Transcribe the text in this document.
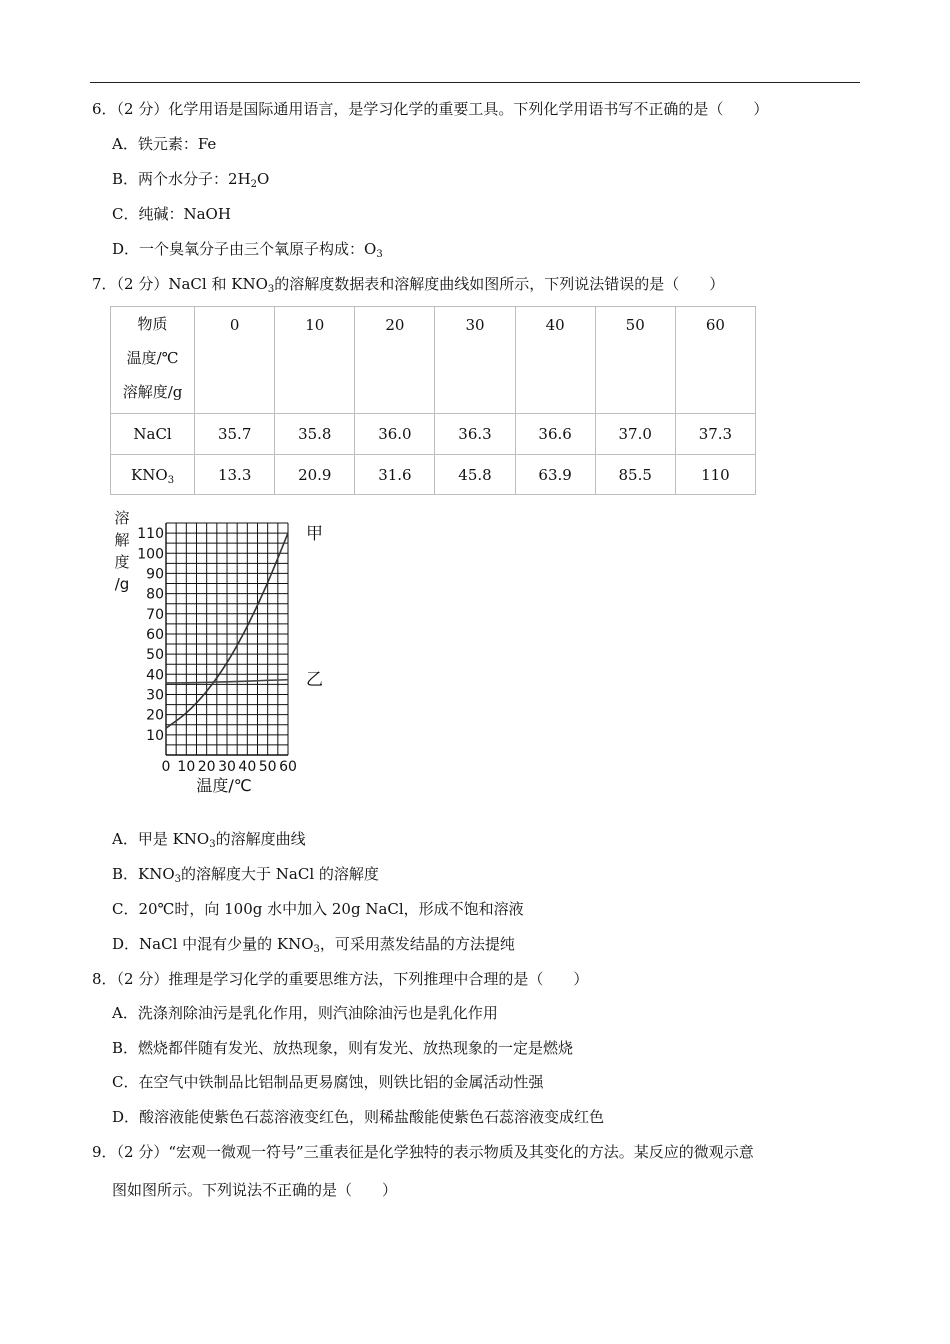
6．（2 分）化学用语是国际通用语言，是学习化学的重要工具。下列化学用语书写不正确的是（　　）
A．铁元素：Fe
B．两个水分子：$2H_2O$
C．纯碱：NaOH
D．一个臭氧分子由三个氧原子构成：$O_3$
7．（2 分）NaCl 和 $KNO_3$的溶解度数据表和溶解度曲线如图所示，下列说法错误的是（　　）
物质
温度/℃
溶解度/g	0	10	20	30	40	50	60

NaCl	35.7	35.8	36.0	36.3	36.6	37.0	37.3
$KNO_3$	13.3	20.9	31.6	45.8	63.9	85.5	110
10
20
30
40
50
60
70
80
90
100
110
0 10 20 30 40 50 60
溶
解
度
/g
温度/℃
甲
乙
A．甲是 $KNO_3$的溶解度曲线
B．$KNO_3$的溶解度大于 NaCl 的溶解度
C．20℃时，向 100g 水中加入 20g NaCl，形成不饱和溶液
D．NaCl 中混有少量的 $KNO_3$，可采用蒸发结晶的方法提纯
8．（2 分）推理是学习化学的重要思维方法，下列推理中合理的是（　　）
A．洗涤剂除油污是乳化作用，则汽油除油污也是乳化作用
B．燃烧都伴随有发光、放热现象，则有发光、放热现象的一定是燃烧
C．在空气中铁制品比铝制品更易腐蚀，则铁比铝的金属活动性强
D．酸溶液能使紫色石蕊溶液变红色，则稀盐酸能使紫色石蕊溶液变成红色
9．（2 分）“宏观一微观一符号”三重表征是化学独特的表示物质及其变化的方法。某反应的微观示意
图如图所示。下列说法不正确的是（　　）
